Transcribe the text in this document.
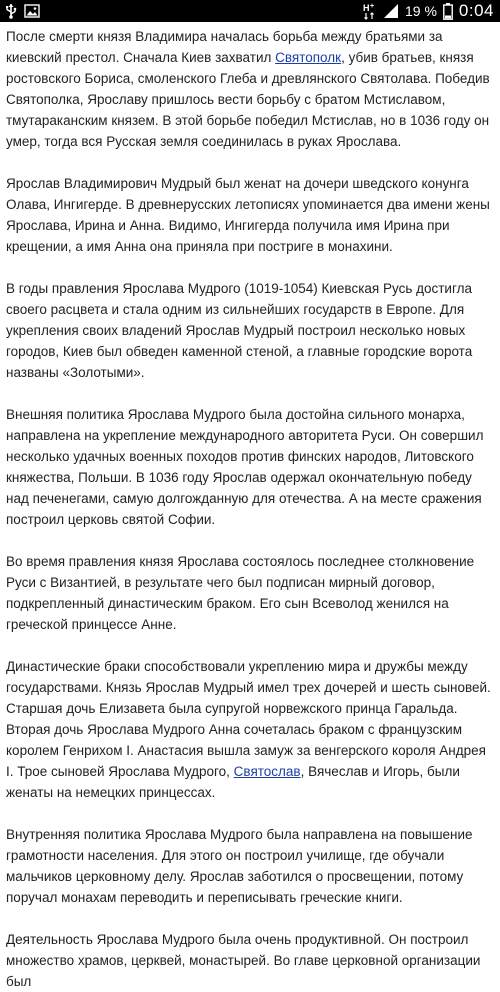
H + 19 % 0:04

После смерти князя Владимира началась борьба между братьями за киевский престол. Сначала Киев захватил Святополк, убив братьев, князя ростовского Бориса, смоленского Глеба и древлянского Святолава. Победив Святополка, Ярославу пришлось вести борьбу с братом Мстиславом, тмутараканским князем. В этой борьбе победил Мстислав, но в 1036 году он умер, тогда вся Русская земля соединилась в руках Ярослава.

Ярослав Владимирович Мудрый был женат на дочери шведского конунга Олава, Ингигерде. В древнерусских летописях упоминается два имени жены Ярослава, Ирина и Анна. Видимо, Ингигерда получила имя Ирина при крещении, а имя Анна она приняла при постриге в монахини.

В годы правления Ярослава Мудрого (1019-1054) Киевская Русь достигла своего расцвета и стала одним из сильнейших государств в Европе. Для укрепления своих владений Ярослав Мудрый построил несколько новых городов, Киев был обведен каменной стеной, а главные городские ворота названы «Золотыми».

Внешняя политика Ярослава Мудрого была достойна сильного монарха, направлена на укрепление международного авторитета Руси. Он совершил несколько удачных военных походов против финских народов, Литовского княжества, Польши. В 1036 году Ярослав одержал окончательную победу над печенегами, самую долгожданную для отечества. А на месте сражения построил церковь святой Софии.

Во время правления князя Ярослава состоялось последнее столкновение Руси с Византией, в результате чего был подписан мирный договор, подкрепленный династическим браком. Его сын Всеволод женился на греческой принцессе Анне.

Династические браки способствовали укреплению мира и дружбы между государствами. Князь Ярослав Мудрый имел трех дочерей и шесть сыновей. Старшая дочь Елизавета была супругой норвежского принца Гаральда. Вторая дочь Ярослава Мудрого Анна сочеталась браком с французским королем Генрихом I. Анастасия вышла замуж за венгерского короля Андрея I. Трое сыновей Ярослава Мудрого, Святослав, Вячеслав и Игорь, были женаты на немецких принцессах.

Внутренняя политика Ярослава Мудрого была направлена на повышение грамотности населения. Для этого он построил училище, где обучали мальчиков церковному делу. Ярослав заботился о просвещении, потому поручал монахам переводить и переписывать греческие книги.

Деятельность Ярослава Мудрого была очень продуктивной. Он построил множество храмов, церквей, монастырей. Во главе церковной организации был
